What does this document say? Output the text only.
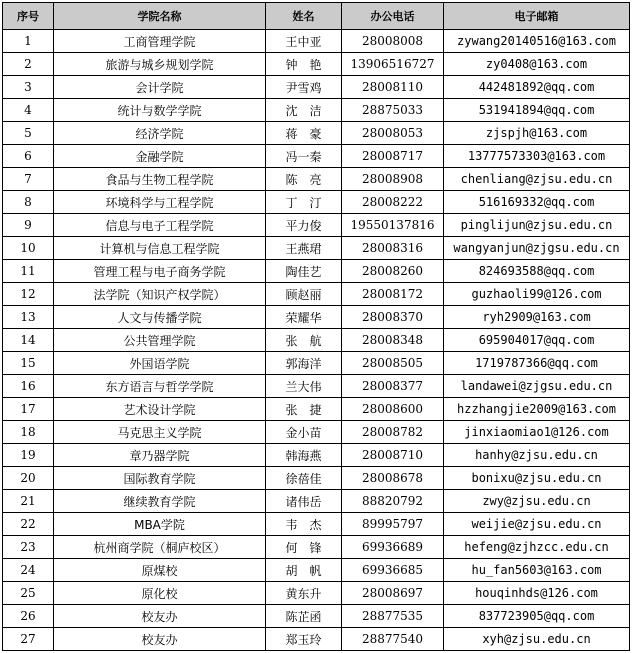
序号	学院名称	姓名	办公电话	电子邮箱
1	工商管理学院	王中亚	28008008	zywang20140516@163.com
2	旅游与城乡规划学院	钟　艳	13906516727	zy0408@163.com
3	会计学院	尹雪鸡	28008110	442481892@qq.com
4	统计与数学学院	沈　洁	28875033	531941894@qq.com
5	经济学院	蒋　豪	28008053	zjspjh@163.com
6	金融学院	冯一秦	28008717	13777573303@163.com
7	食品与生物工程学院	陈　亮	28008908	chenliang@zjsu.edu.cn
8	环境科学与工程学院	丁　汀	28008222	516169332@qq.com
9	信息与电子工程学院	平力俊	19550137816	pinglijun@zjsu.edu.cn
10	计算机与信息工程学院	王燕珺	28008316	wangyanjun@zjgsu.edu.cn
11	管理工程与电子商务学院	陶佳艺	28008260	824693588@qq.com
12	法学院（知识产权学院）	顾赵丽	28008172	guzhaoli99@126.com
13	人文与传播学院	荣耀华	28008370	ryh2909@163.com
14	公共管理学院	张　航	28008348	695904017@qq.com
15	外国语学院	郭海洋	28008505	1719787366@qq.com
16	东方语言与哲学学院	兰大伟	28008377	landawei@zjgsu.edu.cn
17	艺术设计学院	张　捷	28008600	hzzhangjie2009@163.com
18	马克思主义学院	金小苗	28008782	jinxiaomiao1@126.com
19	章乃器学院	韩海燕	28008710	hanhy@zjsu.edu.cn
20	国际教育学院	徐蓓佳	28008678	bonixu@zjsu.edu.cn
21	继续教育学院	诸伟岳	88820792	zwy@zjsu.edu.cn
22	MBA学院	韦　杰	89995797	weijie@zjsu.edu.cn
23	杭州商学院（桐庐校区）	何　锋	69936689	hefeng@zjhzcc.edu.cn
24	原煤校	胡　帆	69936685	hu_fan5603@163.com
25	原化校	黄东升	28008697	houqinhds@126.com
26	校友办	陈芷函	28877535	837723905@qq.com
27	校友办	郑玉玲	28877540	xyh@zjsu.edu.cn
